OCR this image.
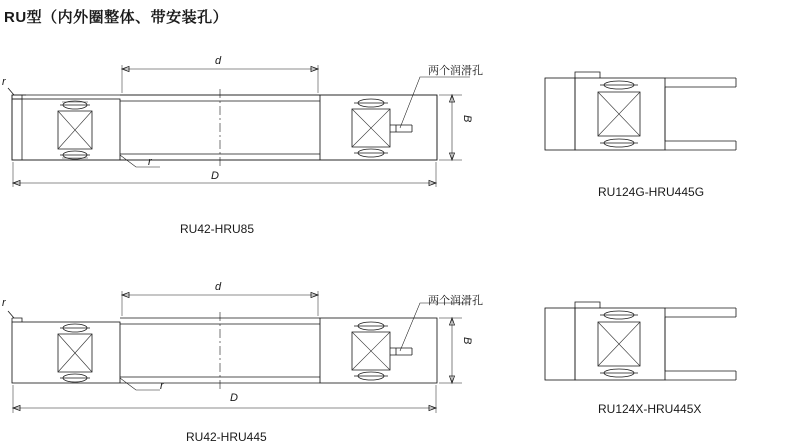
RU型（内外圈整体、带安装孔）
d
D
B
r
r
两个润滑孔
RU42-HRU85
RU124G-HRU445G
d
D
B
r
r
两个润滑孔
RU42-HRU445
RU124X-HRU445X
